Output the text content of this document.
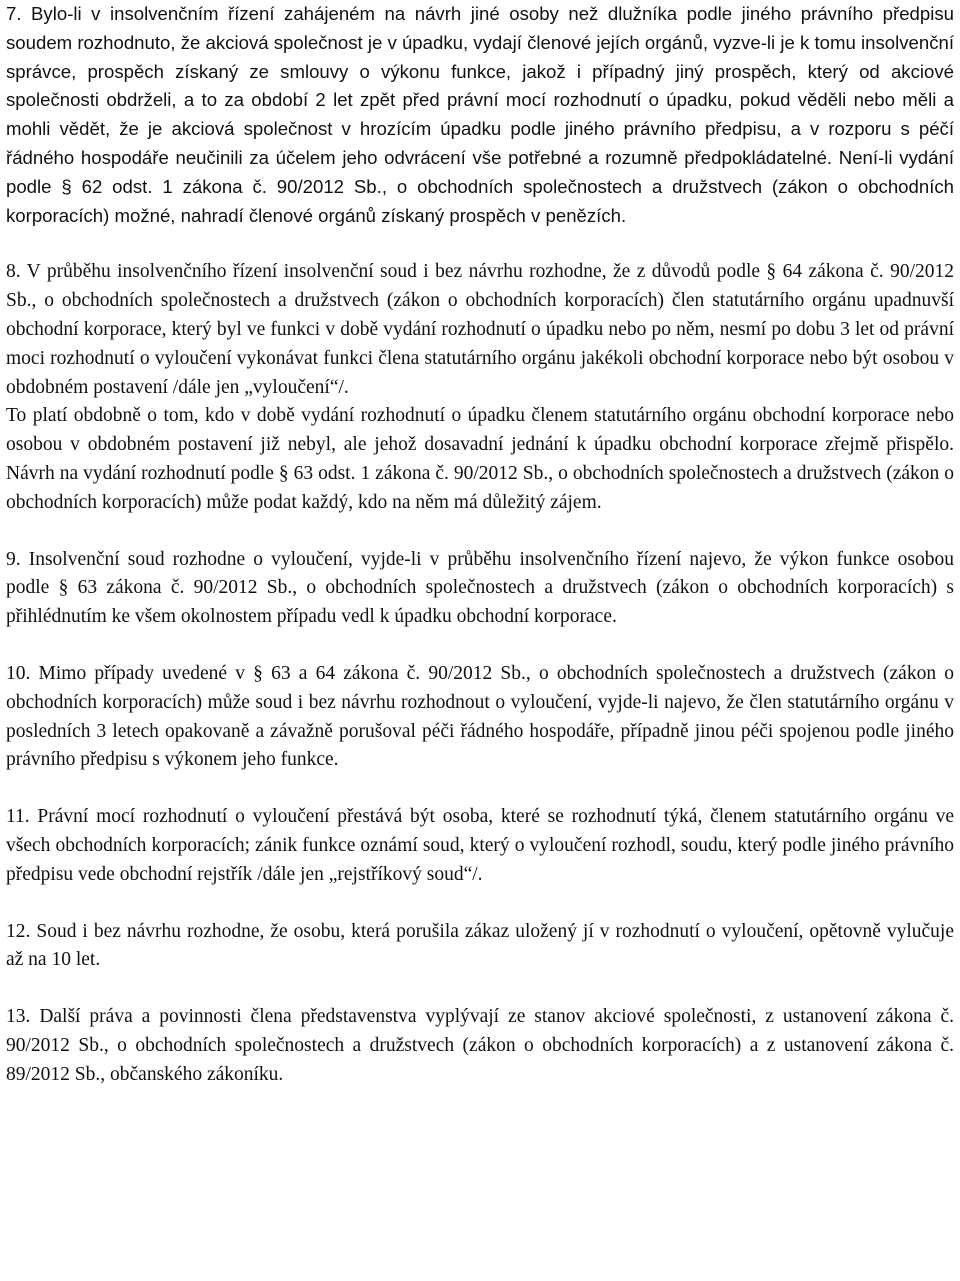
7. Bylo-li v insolvenčním řízení zahájeném na návrh jiné osoby než dlužníka podle jiného právního předpisu soudem rozhodnuto, že akciová společnost je v úpadku, vydají členové jejích orgánů, vyzve-li je k tomu insolvenční správce, prospěch získaný ze smlouvy o výkonu funkce, jakož i případný jiný prospěch, který od akciové společnosti obdrželi, a to za období 2 let zpět před právní mocí rozhodnutí o úpadku, pokud věděli nebo měli a mohli vědět, že je akciová společnost v hrozícím úpadku podle jiného právního předpisu, a v rozporu s péčí řádného hospodáře neučinili za účelem jeho odvrácení vše potřebné a rozumně předpokládatelné. Není-li vydání podle § 62 odst. 1 zákona č. 90/2012 Sb., o obchodních společnostech a družstvech (zákon o obchodních korporacích) možné, nahradí členové orgánů získaný prospěch v penězích.

8. V průběhu insolvenčního řízení insolvenční soud i bez návrhu rozhodne, že z důvodů podle § 64 zákona č. 90/2012 Sb., o obchodních společnostech a družstvech (zákon o obchodních korporacích) člen statutárního orgánu upadnuvší obchodní korporace, který byl ve funkci v době vydání rozhodnutí o úpadku nebo po něm, nesmí po dobu 3 let od právní moci rozhodnutí o vyloučení vykonávat funkci člena statutárního orgánu jakékoli obchodní korporace nebo být osobou v obdobném postavení /dále jen „vyloučení“/.

To platí obdobně o tom, kdo v době vydání rozhodnutí o úpadku členem statutárního orgánu obchodní korporace nebo osobou v obdobném postavení již nebyl, ale jehož dosavadní jednání k úpadku obchodní korporace zřejmě přispělo. Návrh na vydání rozhodnutí podle § 63 odst. 1 zákona č. 90/2012 Sb., o obchodních společnostech a družstvech (zákon o obchodních korporacích) může podat každý, kdo na něm má důležitý zájem.

9. Insolvenční soud rozhodne o vyloučení, vyjde-li v průběhu insolvenčního řízení najevo, že výkon funkce osobou podle § 63 zákona č. 90/2012 Sb., o obchodních společnostech a družstvech (zákon o obchodních korporacích) s přihlédnutím ke všem okolnostem případu vedl k úpadku obchodní korporace.

10. Mimo případy uvedené v § 63 a 64 zákona č. 90/2012 Sb., o obchodních společnostech a družstvech (zákon o obchodních korporacích) může soud i bez návrhu rozhodnout o vyloučení, vyjde-li najevo, že člen statutárního orgánu v posledních 3 letech opakovaně a závažně porušoval péči řádného hospodáře, případně jinou péči spojenou podle jiného právního předpisu s výkonem jeho funkce.

11. Právní mocí rozhodnutí o vyloučení přestává být osoba, které se rozhodnutí týká, členem statutárního orgánu ve všech obchodních korporacích; zánik funkce oznámí soud, který o vyloučení rozhodl, soudu, který podle jiného právního předpisu vede obchodní rejstřík /dále jen „rejstříkový soud“/.

12. Soud i bez návrhu rozhodne, že osobu, která porušila zákaz uložený jí v rozhodnutí o vyloučení, opětovně vylučuje až na 10 let.

13. Další práva a povinnosti člena představenstva vyplývají ze stanov akciové společnosti, z ustanovení zákona č. 90/2012 Sb., o obchodních společnostech a družstvech (zákon o obchodních korporacích) a z ustanovení zákona č. 89/2012 Sb., občanského zákoníku.
